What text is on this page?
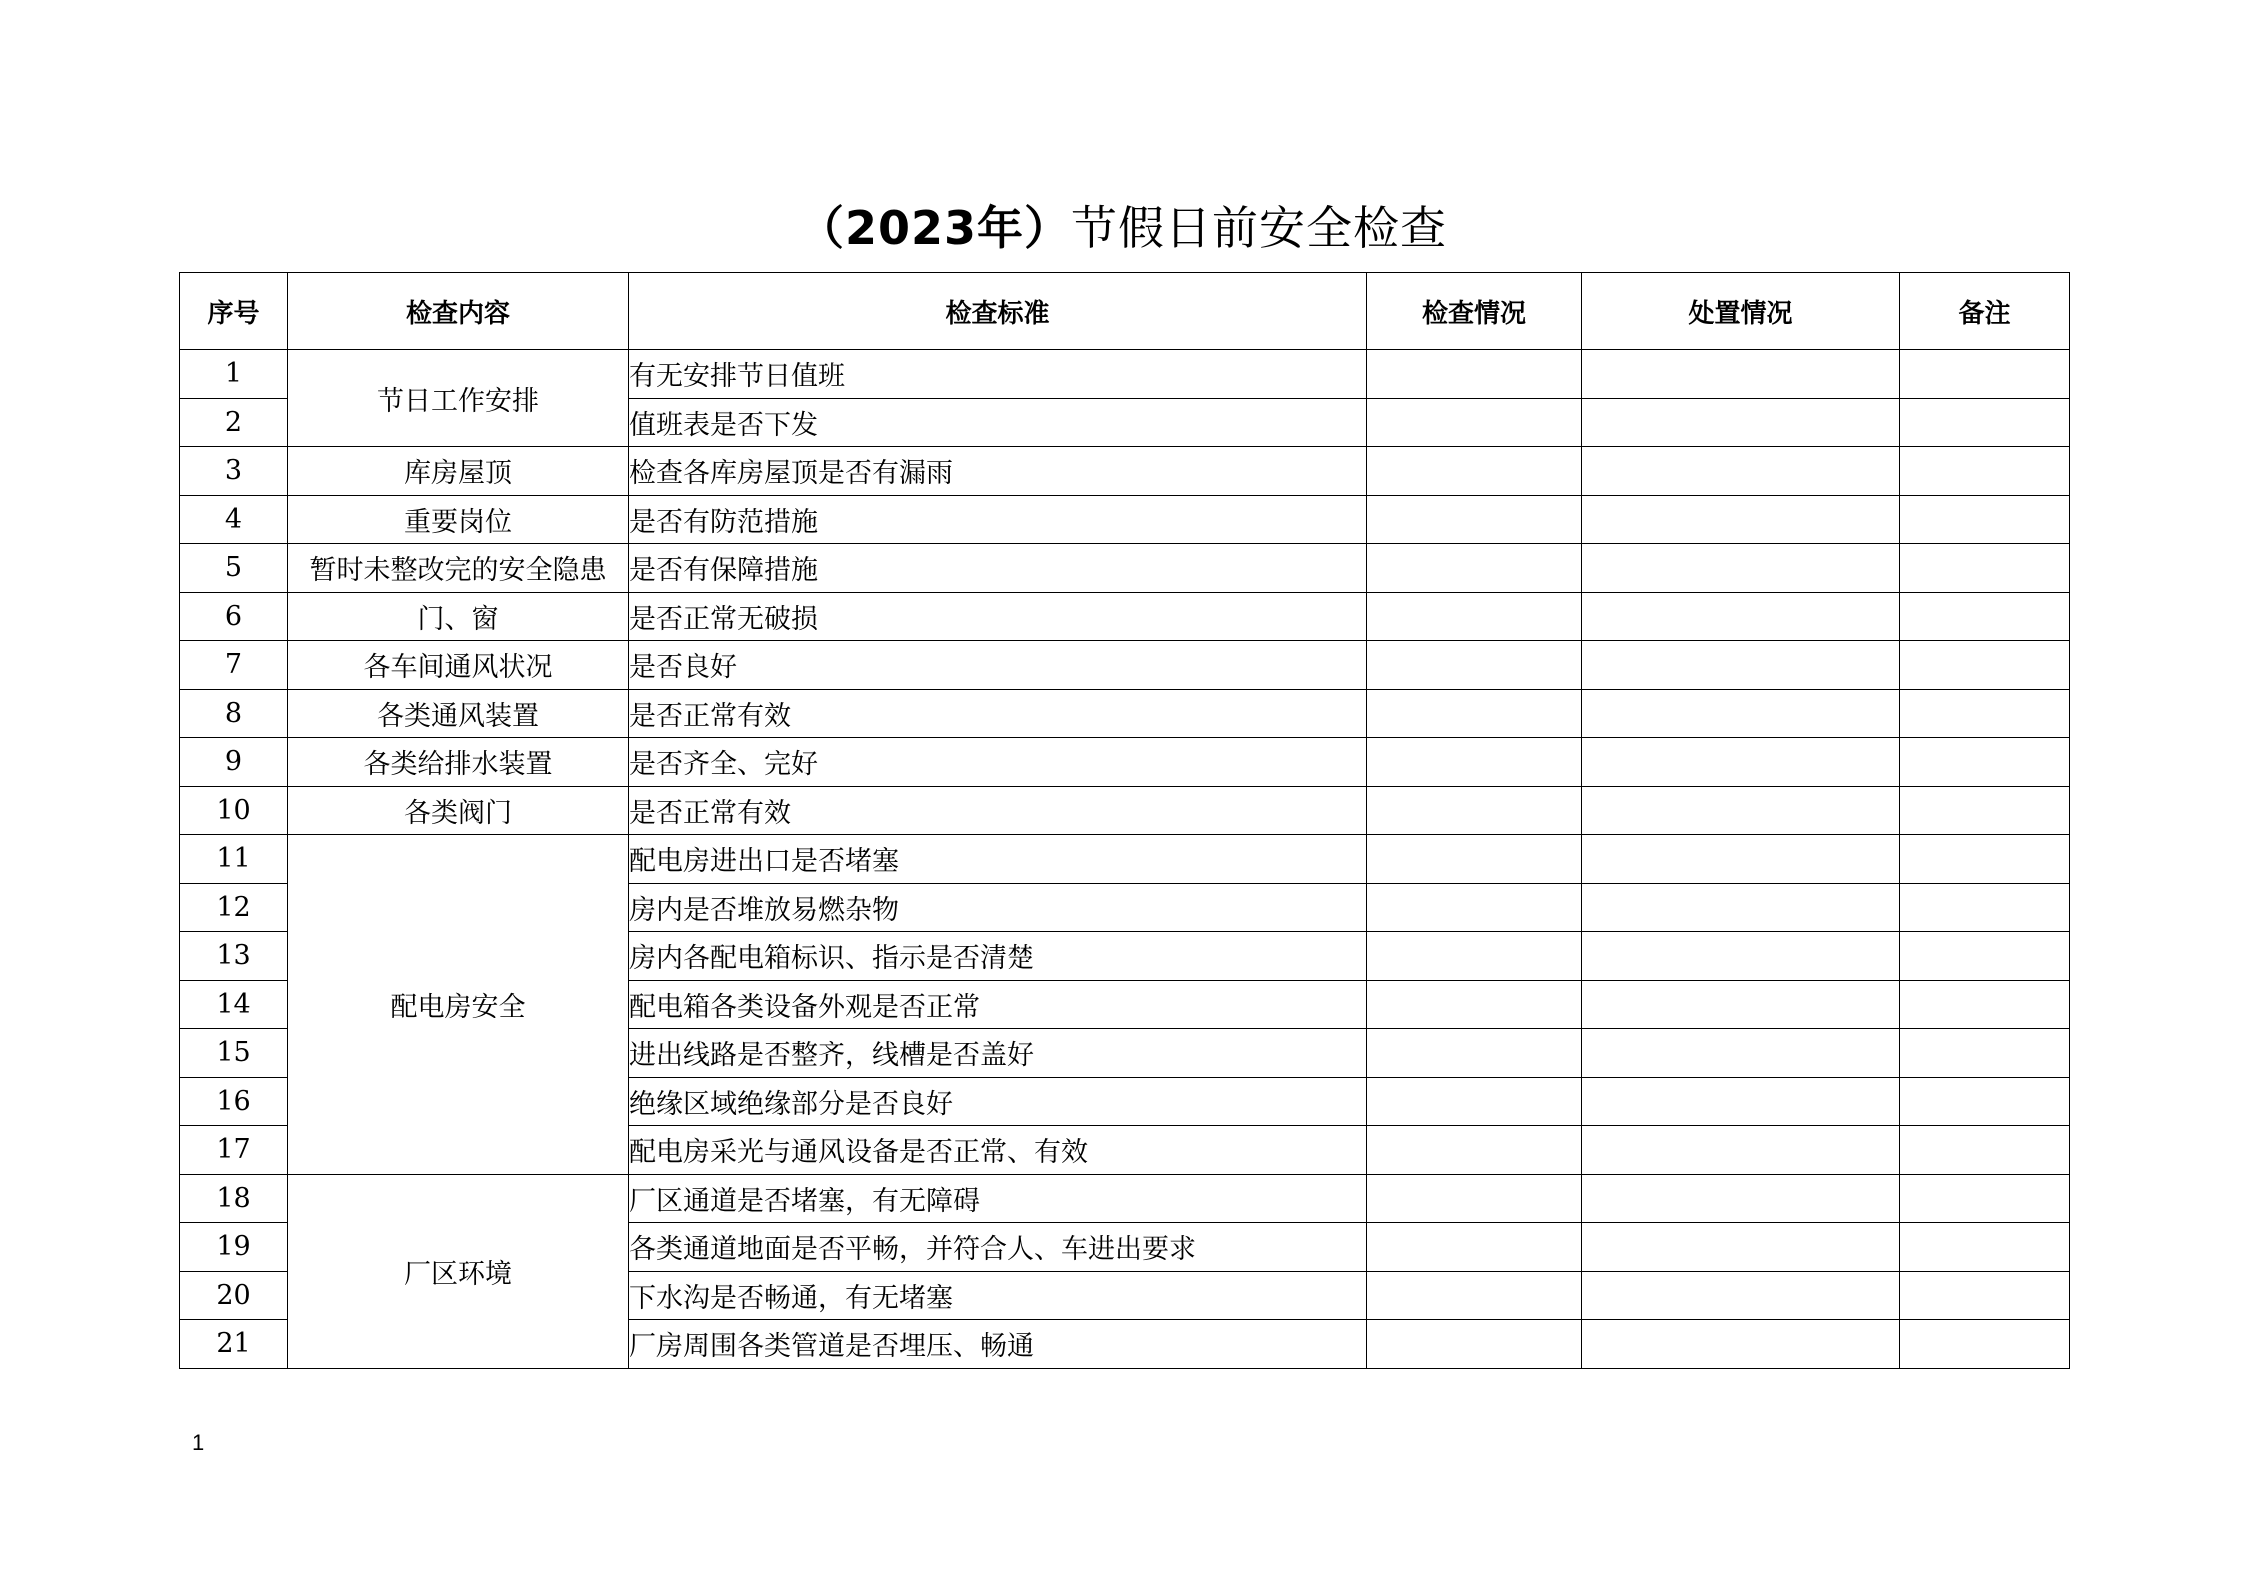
（2023年）节假日前安全检查
序号	检查内容	检查标准	检查情况	处置情况	备注
1	节日工作安排	有无安排节日值班			
2		值班表是否下发			
3	库房屋顶	检查各库房屋顶是否有漏雨			
4	重要岗位	是否有防范措施			
5	暂时未整改完的安全隐患	是否有保障措施			
6	门、窗	是否正常无破损			
7	各车间通风状况	是否良好			
8	各类通风装置	是否正常有效			
9	各类给排水装置	是否齐全、完好			
10	各类阀门	是否正常有效			
11	配电房安全	配电房进出口是否堵塞			
12		房内是否堆放易燃杂物			
13		房内各配电箱标识、指示是否清楚			
14		配电箱各类设备外观是否正常			
15		进出线路是否整齐，线槽是否盖好			
16		绝缘区域绝缘部分是否良好			
17		配电房采光与通风设备是否正常、有效			
18	厂区环境	厂区通道是否堵塞，有无障碍			
19		各类通道地面是否平畅，并符合人、车进出要求			
20		下水沟是否畅通，有无堵塞			
21		厂房周围各类管道是否埋压、畅通			
1
